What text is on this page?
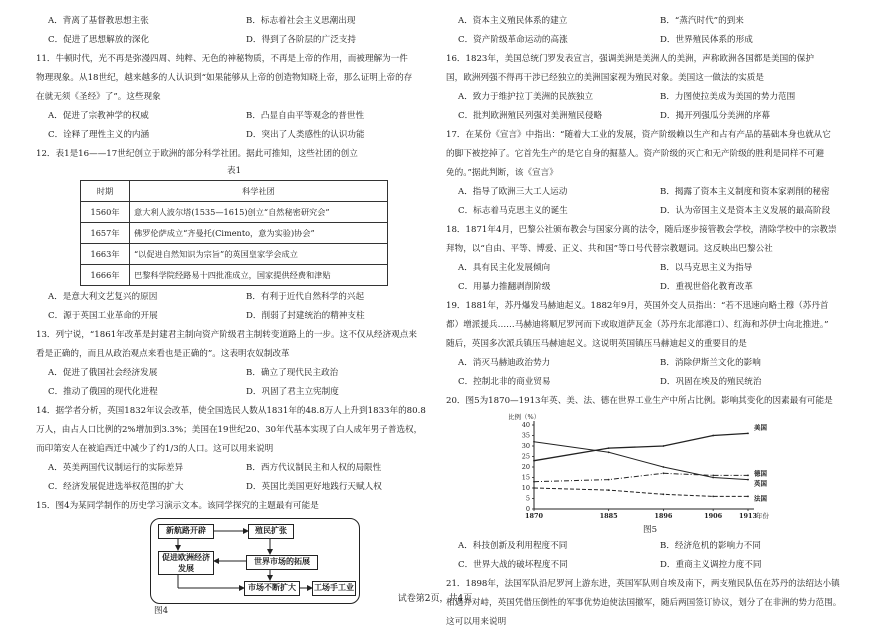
A．背离了基督教思想主张	B．标志着社会主义思潮出现
C．促进了思想解放的深化	D．得到了各阶层的广泛支持
11．牛顿时代，光不再是弥漫四周、纯粹、无色的神秘物质，不再是上帝的作用，而被理解为一件
物理现象。从18世纪，越来越多的人认识到“如果能够从上帝的创造物知晓上帝，那么证明上帝的存
在就无须《圣经》了”。这些现象
A．促进了宗教神学的权威	B．凸显自由平等观念的普世性
C．诠释了理性主义的内涵	D．突出了人类感性的认识功能
12．表1是16——17世纪创立于欧洲的部分科学社团。据此可推知，这些社团的创立
表1
时期	科学社团
1560年	意大利人波尔塔(1535—1615)创立“自然秘密研究会”
1657年	佛罗伦萨成立“齐曼托(Cimento，意为实验)协会”
1663年	“以促进自然知识为宗旨”的英国皇家学会成立
1666年	巴黎科学院经路易十四批准成立，国家提供经费和津贴
A．是意大利文艺复兴的原因	B．有利于近代自然科学的兴起
C．源于英国工业革命的开展	D．削弱了封建统治的精神支柱
13．列宁说，“1861年改革是封建君主制向资产阶级君主制转变道路上的一步。这不仅从经济观点来
看是正确的，而且从政治观点来看也是正确的”。这表明农奴制改革
A．促进了俄国社会经济发展	B．确立了现代民主政治
C．推动了俄国的现代化进程	D．巩固了君主立宪制度
14．据学者分析，英国1832年议会改革，使全国选民人数从1831年的48.8万人上升到1833年的80.8
万人，由占人口比例的2%增加到3.3%；美国在19世纪20、30年代基本实现了白人成年男子普选权，
而印第安人在被追西迁中减少了约1/3的人口。这可以用来说明
A．英美两国代议制运行的实际差异	B．西方代议制民主和人权的局限性
C．经济发展促进选举权范围的扩大	D．英国比美国更好地践行天赋人权
15．图4为某同学制作的历史学习演示文本。该同学探究的主题最有可能是
新航路开辟	殖民扩张
促进欧洲经济发展
世界市场的拓展
市场不断扩大	工场手工业
图4
A．资本主义殖民体系的建立	B．“蒸汽时代”的到来
C．资产阶级革命运动的高涨	D．世界殖民体系的形成
16．1823年，美国总统门罗发表宣言，强调美洲是美洲人的美洲，声称欧洲各国都是美国的保护
国，欧洲列强不得再干涉已经独立的美洲国家视为殖民对象。美国这一做法的实质是
A．致力于维护拉丁美洲的民族独立	B．力图使拉美成为美国的势力范围
C．批判欧洲殖民列强对美洲殖民侵略	D．揭开列强瓜分美洲的序幕
17．在某份《宣言》中指出：“随着大工业的发展，资产阶级赖以生产和占有产品的基础本身也就从它
的脚下被挖掉了。它首先生产的是它自身的掘墓人。资产阶级的灭亡和无产阶级的胜利是同样不可避
免的。”据此判断，该《宣言》
A．指导了欧洲三大工人运动	B．揭露了资本主义制度和资本家剥削的秘密
C．标志着马克思主义的诞生	D．认为帝国主义是资本主义发展的最高阶段
18．1871年4月，巴黎公社颁布教会与国家分离的法令，随后逐步接管教会学校，清除学校中的宗教崇
拜物，以“自由、平等、博爱、正义、共和国”等口号代替宗教题词。这反映出巴黎公社
A．具有民主化发展倾向	B．以马克思主义为指导
C．用暴力推翻剥削阶级	D．重视世俗化教育改革
19．1881年，苏丹爆发马赫迪起义。1882年9月，英国外交人员指出：“若不迅速向略土穆（苏丹首
都）增派援兵……马赫迪将顺尼罗河而下或取道萨瓦金（苏丹东北部港口）、红海和苏伊士向北推进。”
随后，英国多次派兵镇压马赫迪起义。这说明英国镇压马赫迪起义的重要目的是
A．消灭马赫迪政治势力	B．消除伊斯兰文化的影响
C．控制北非的商业贸易	D．巩固在埃及的殖民统治
20．图5为1870—1913年英、美、法、德在世界工业生产中所占比例。影响其变化的因素最有可能是
比例（%）
0
5
10
15
20
25
30
35
40
1870	1885	1896	1906	1913
年份
美国
德国
英国
法国
图5
A．科技创新及利用程度不同	B．经济危机的影响力不同
C．世界大战的破坏程度不同	D．重商主义调控力度不同
21．1898年，法国军队沿尼罗河上游东进，英国军队则自埃及南下，两支殖民队伍在苏丹的法绍达小镇
相遇并对峙，英国凭借压倒性的军事优势迫使法国撤军，随后两国签订协议，划分了在非洲的势力范围。
这可以用来说明
试卷第2页，共4页
